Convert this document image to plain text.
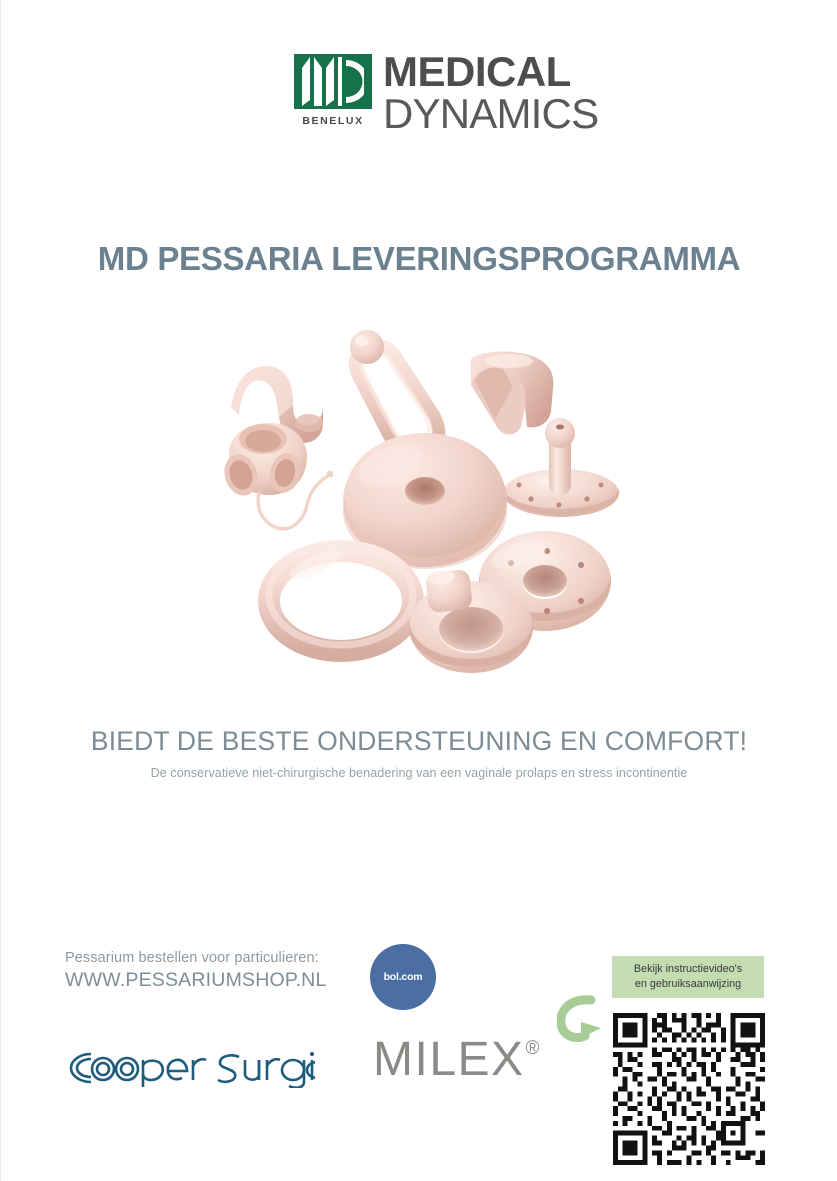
BENELUX
MEDICAL
DYNAMICS
MD PESSARIA LEVERINGSPROGRAMMA
BIEDT DE BESTE ONDERSTEUNING EN COMFORT!
De conservatieve niet-chirurgische benadering van een vaginale prolaps en stress incontinentie
Pessarium bestellen voor particulieren:
WWW.PESSARIUMSHOP.NL	bol.com
Bekijk instructievideo's
en gebruiksaanwijzing
MILEX ®
